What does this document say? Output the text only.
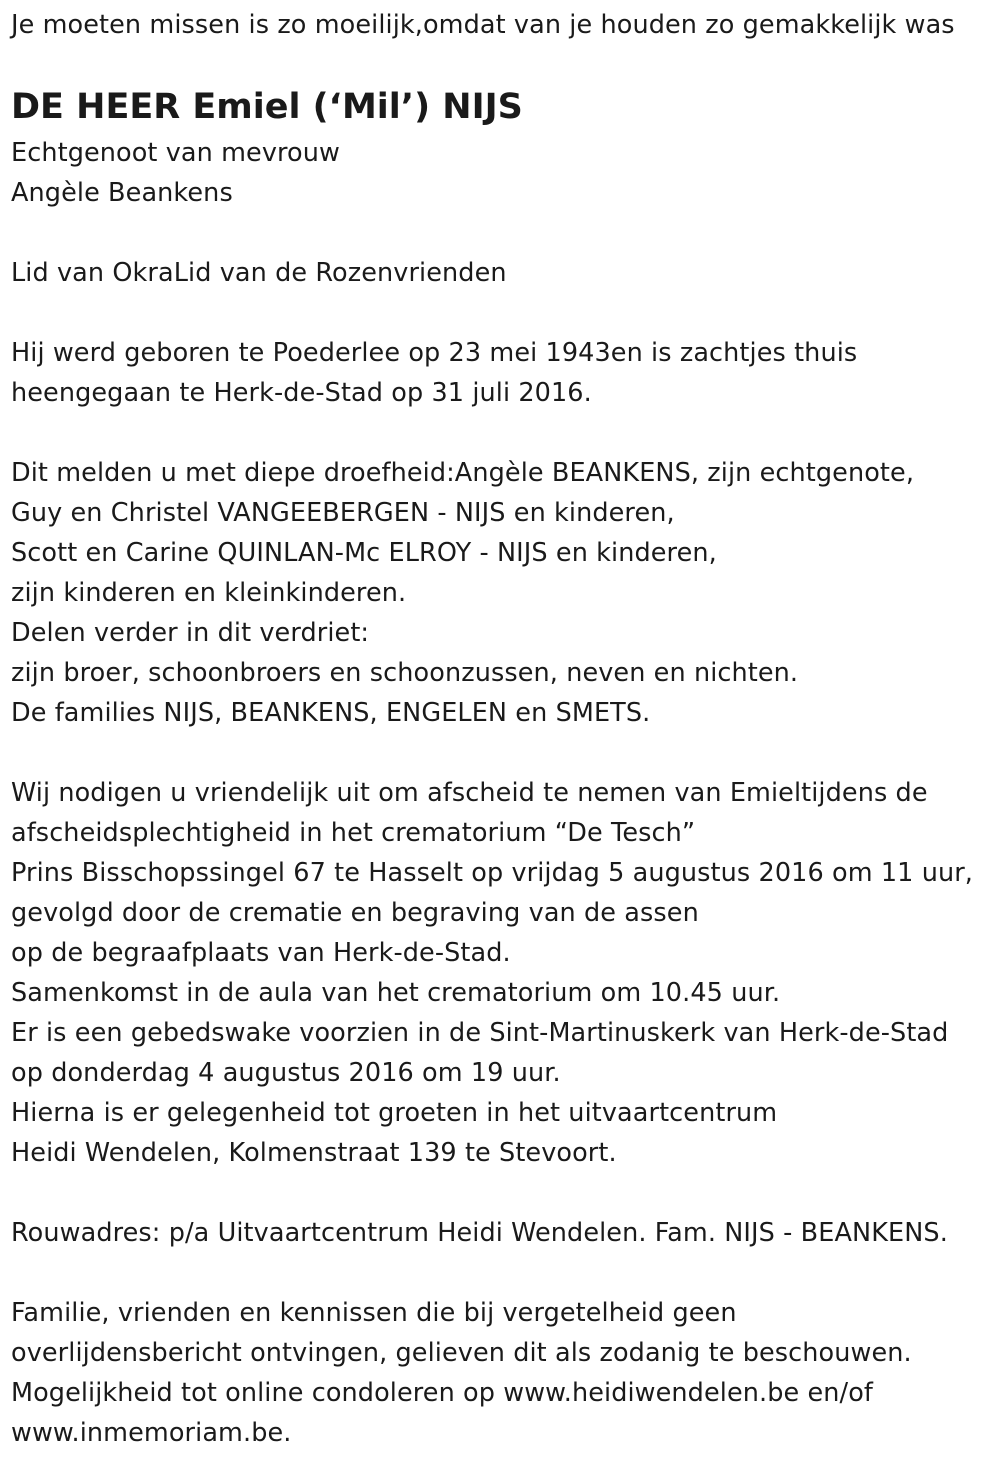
Je moeten missen is zo moeilijk,omdat van je houden zo gemakkelijk was
DE HEER Emiel (‘Mil’) NIJS
Echtgenoot van mevrouw
Angèle Beankens
Lid van OkraLid van de Rozenvrienden
Hij werd geboren te Poederlee op 23 mei 1943en is zachtjes thuis
heengegaan te Herk-de-Stad op 31 juli 2016.
Dit melden u met diepe droefheid:Angèle BEANKENS, zijn echtgenote,
Guy en Christel VANGEEBERGEN - NIJS en kinderen,
Scott en Carine QUINLAN-Mc ELROY - NIJS en kinderen,
zijn kinderen en kleinkinderen.
Delen verder in dit verdriet:
zijn broer, schoonbroers en schoonzussen, neven en nichten.
De families NIJS, BEANKENS, ENGELEN en SMETS.
Wij nodigen u vriendelijk uit om afscheid te nemen van Emieltijdens de
afscheidsplechtigheid in het crematorium “De Tesch”
Prins Bisschopssingel 67 te Hasselt op vrijdag 5 augustus 2016 om 11 uur,
gevolgd door de crematie en begraving van de assen
op de begraafplaats van Herk-de-Stad.
Samenkomst in de aula van het crematorium om 10.45 uur.
Er is een gebedswake voorzien in de Sint-Martinuskerk van Herk-de-Stad
op donderdag 4 augustus 2016 om 19 uur.
Hierna is er gelegenheid tot groeten in het uitvaartcentrum
Heidi Wendelen, Kolmenstraat 139 te Stevoort.
Rouwadres: p/a Uitvaartcentrum Heidi Wendelen. Fam. NIJS - BEANKENS.
Familie, vrienden en kennissen die bij vergetelheid geen
overlijdensbericht ontvingen, gelieven dit als zodanig te beschouwen.
Mogelijkheid tot online condoleren op www.heidiwendelen.be en/of
www.inmemoriam.be.
